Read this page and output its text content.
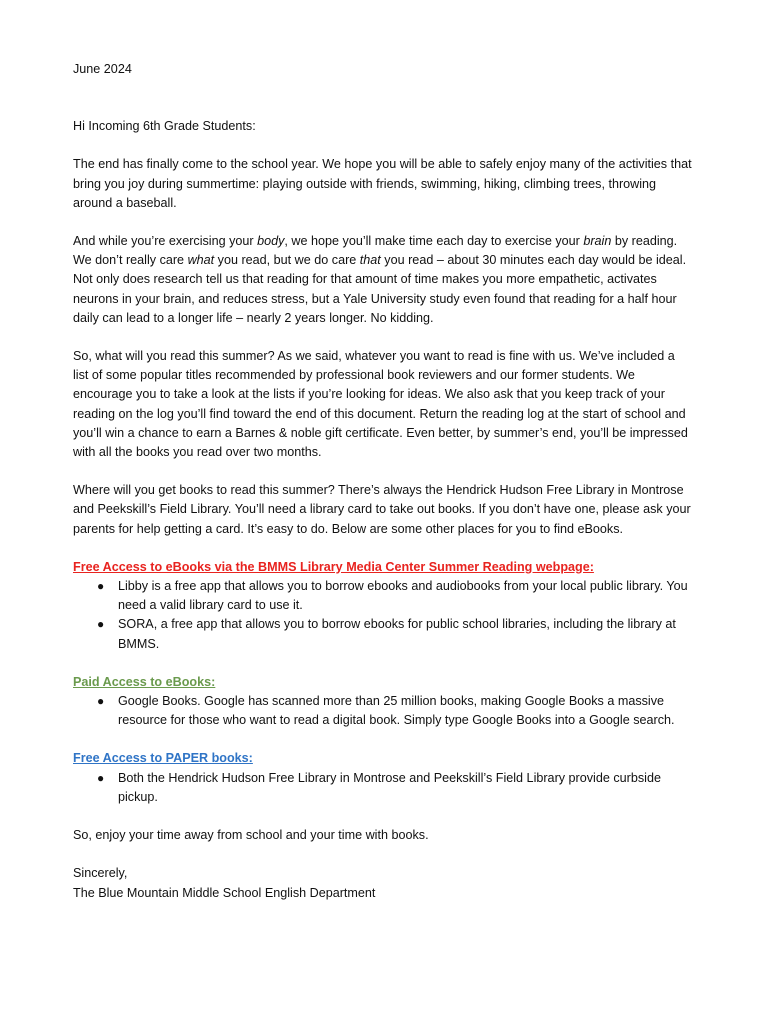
June 2024

Hi Incoming 6th Grade Students:

The end has finally come to the school year. We hope you will be able to safely enjoy many of the activities that bring you joy during summertime: playing outside with friends, swimming, hiking, climbing trees, throwing around a baseball.

And while you’re exercising your body, we hope you’ll make time each day to exercise your brain by reading. We don’t really care what you read, but we do care that you read – about 30 minutes each day would be ideal. Not only does research tell us that reading for that amount of time makes you more empathetic, activates neurons in your brain, and reduces stress, but a Yale University study even found that reading for a half hour daily can lead to a longer life – nearly 2 years longer. No kidding.

So, what will you read this summer? As we said, whatever you want to read is fine with us. We’ve included a list of some popular titles recommended by professional book reviewers and our former students. We encourage you to take a look at the lists if you’re looking for ideas. We also ask that you keep track of your reading on the log you’ll find toward the end of this document. Return the reading log at the start of school and you’ll win a chance to earn a Barnes & noble gift certificate. Even better, by summer’s end, you’ll be impressed with all the books you read over two months.

Where will you get books to read this summer? There’s always the Hendrick Hudson Free Library in Montrose and Peekskill’s Field Library. You’ll need a library card to take out books. If you don’t have one, please ask your parents for help getting a card. It’s easy to do. Below are some other places for you to find eBooks.

Free Access to eBooks via the BMMS Library Media Center Summer Reading webpage:

● Libby is a free app that allows you to borrow ebooks and audiobooks from your local public library. You need a valid library card to use it.
● SORA, a free app that allows you to borrow ebooks for public school libraries, including the library at BMMS.

Paid Access to eBooks:

● Google Books. Google has scanned more than 25 million books, making Google Books a massive resource for those who want to read a digital book. Simply type Google Books into a Google search.

Free Access to PAPER books:

● Both the Hendrick Hudson Free Library in Montrose and Peekskill’s Field Library provide curbside pickup.

So, enjoy your time away from school and your time with books.

Sincerely,

The Blue Mountain Middle School English Department
